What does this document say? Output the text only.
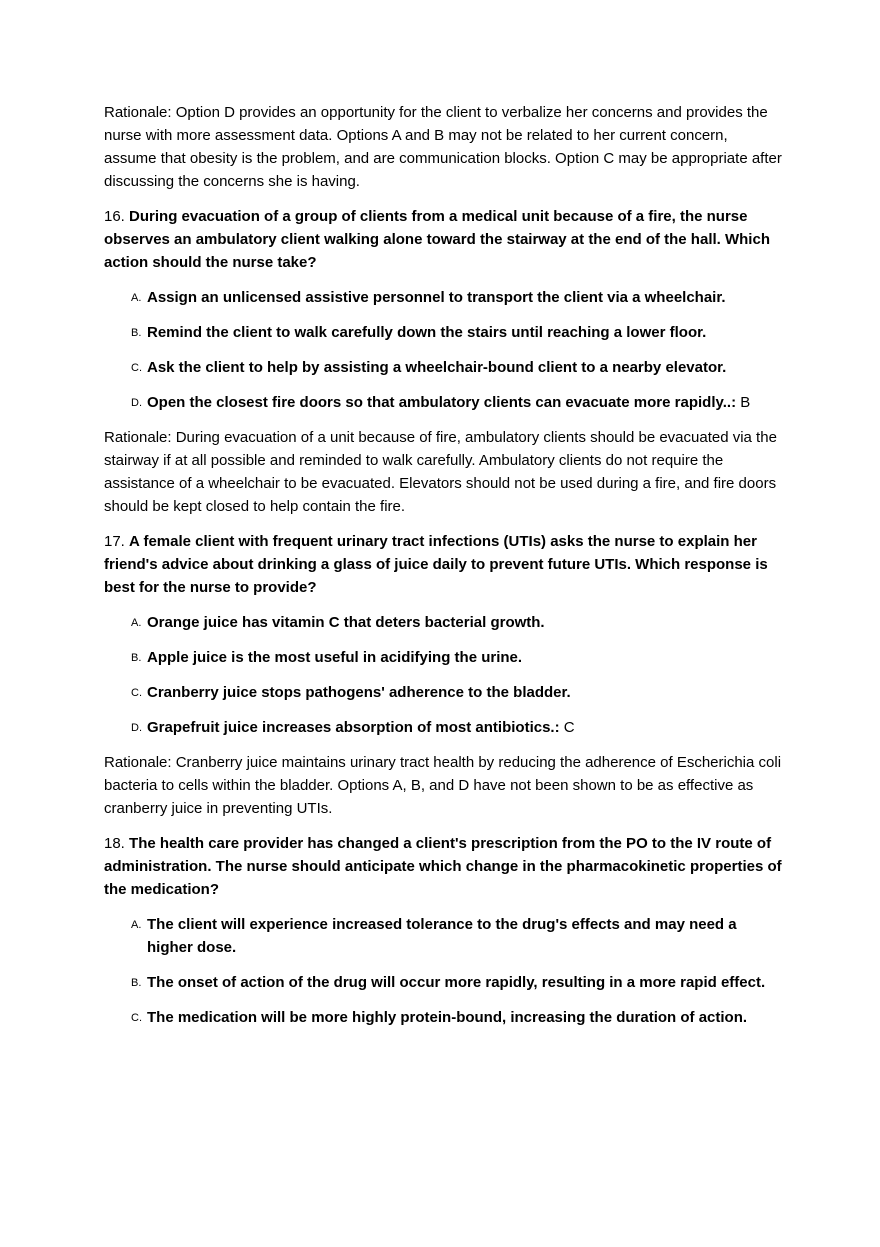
Rationale: Option D provides an opportunity for the client to verbalize her concerns and provides the nurse with more assessment data. Options A and B may not be related to her current concern, assume that obesity is the problem, and are communication blocks. Option C may be appropriate after discussing the concerns she is having.

16. During evacuation of a group of clients from a medical unit because of a fire, the nurse observes an ambulatory client walking alone toward the stairway at the end of the hall. Which action should the nurse take?

A. Assign an unlicensed assistive personnel to transport the client via a wheelchair.
B. Remind the client to walk carefully down the stairs until reaching a lower floor.
C. Ask the client to help by assisting a wheelchair-bound client to a nearby elevator.
D. Open the closest fire doors so that ambulatory clients can evacuate more rapidly..: B

Rationale: During evacuation of a unit because of fire, ambulatory clients should be evacuated via the stairway if at all possible and reminded to walk carefully. Ambulatory clients do not require the assistance of a wheelchair to be evacuated. Elevators should not be used during a fire, and fire doors should be kept closed to help contain the fire.

17. A female client with frequent urinary tract infections (UTIs) asks the nurse to explain her friend's advice about drinking a glass of juice daily to prevent future UTIs. Which response is best for the nurse to provide?

A. Orange juice has vitamin C that deters bacterial growth.
B. Apple juice is the most useful in acidifying the urine.
C. Cranberry juice stops pathogens' adherence to the bladder.
D. Grapefruit juice increases absorption of most antibiotics.: C

Rationale: Cranberry juice maintains urinary tract health by reducing the adherence of Escherichia coli bacteria to cells within the bladder. Options A, B, and D have not been shown to be as effective as cranberry juice in preventing UTIs.

18. The health care provider has changed a client's prescription from the PO to the IV route of administration. The nurse should anticipate which change in the pharmacokinetic properties of the medication?

A. The client will experience increased tolerance to the drug's effects and may need a higher dose.
B. The onset of action of the drug will occur more rapidly, resulting in a more rapid effect.
C. The medication will be more highly protein-bound, increasing the duration of action.
